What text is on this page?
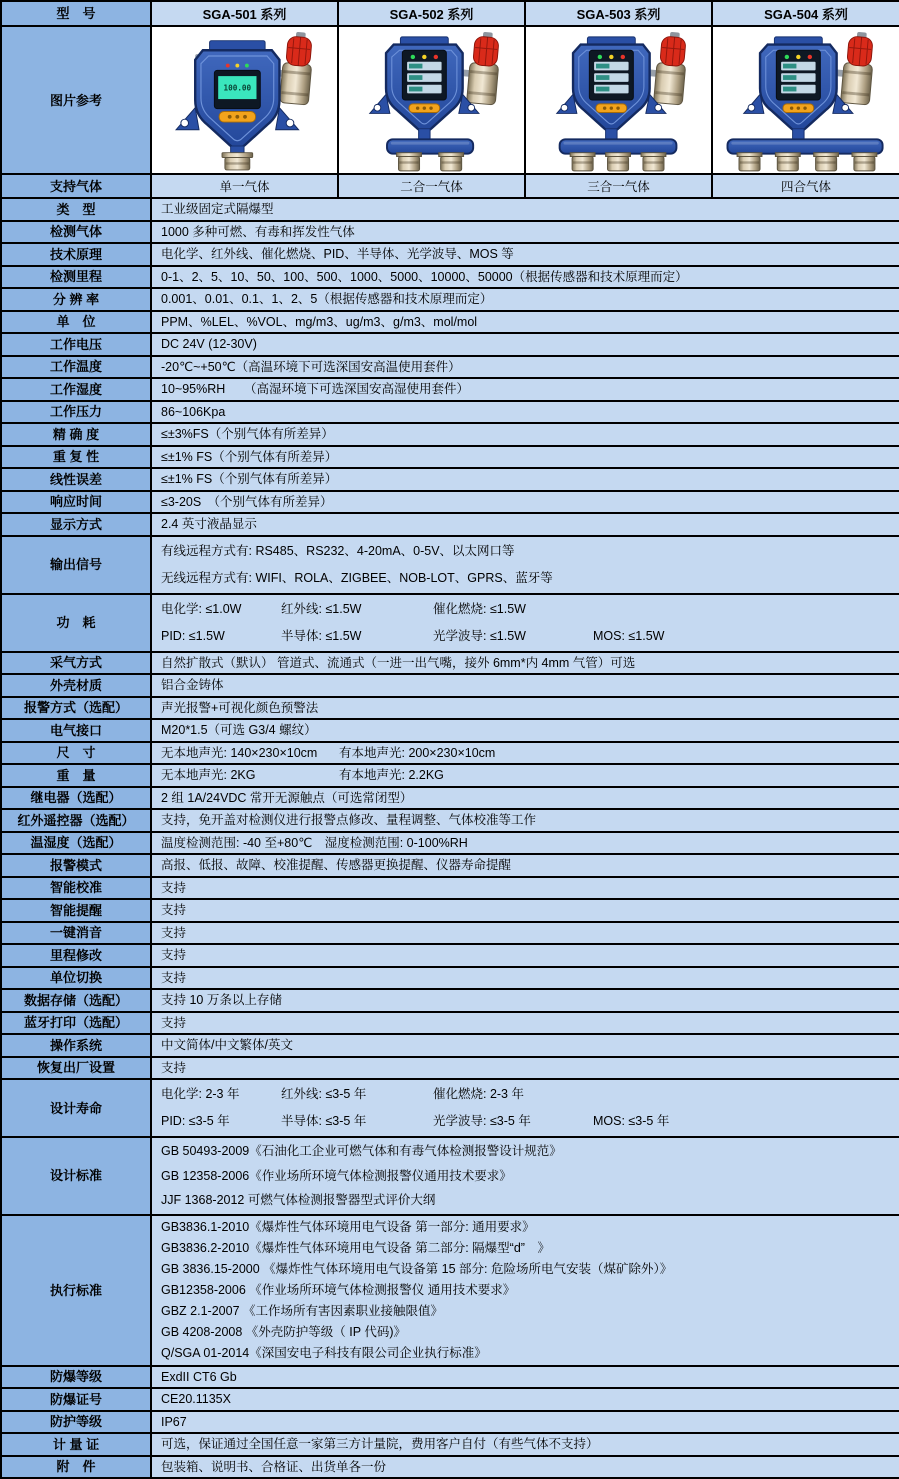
型　号	SGA-501 系列	SGA-502 系列	SGA-503 系列	SGA-504 系列
图片参考	100.00

支持气体	单一气体	二合一气体	三合一气体	四合气体
类　型	工业级固定式隔爆型			

检测气体	1000 多种可燃、有毒和挥发性气体			

技术原理	电化学、红外线、催化燃烧、PID、半导体、光学波导、MOS 等			

检测里程	0-1、2、5、10、50、100、500、1000、5000、10000、50000（根据传感器和技术原理而定）			

分 辨 率	0.001、0.01、0.1、1、2、5（根据传感器和技术原理而定）			

单　位	PPM、%LEL、%VOL、mg/m3、ug/m3、g/m3、mol/mol			

工作电压	DC 24V (12-30V)			

工作温度	-20℃~+50℃（高温环境下可选深国安高温使用套件）			

工作湿度	10~95%RH　　（高湿环境下可选深国安高湿使用套件）			

工作压力	86~106Kpa			

精 确 度	≤±3%FS（个别气体有所差异）			

重 复 性	≤±1% FS（个别气体有所差异）			

线性误差	≤±1% FS（个别气体有所差异）			

响应时间	≤3-20S　（个别气体有所差异）			

显示方式	2.4 英寸液晶显示			

输出信号	有线远程方式有: RS485、RS232、4-20mA、0-5V、以太网口等
无线远程方式有: WIFI、ROLA、ZIGBEE、NOB-LOT、GPRS、蓝牙等			

功　耗	电化学: ≤1.0W 红外线: ≤1.5W 催化燃烧: ≤1.5W
PID: ≤1.5W 半导体: ≤1.5W 光学波导: ≤1.5W MOS: ≤1.5W			

采气方式	自然扩散式（默认） 管道式、流通式（一进一出气嘴，接外 6mm*内 4mm 气管）可选			

外壳材质	铝合金铸体			

报警方式（选配）	声光报警+可视化颜色预警法			

电气接口	M20*1.5（可选 G3/4 螺纹）			

尺　寸	无本地声光: 140×230×10cm 有本地声光: 200×230×10cm			

重　量	无本地声光: 2KG 有本地声光: 2.2KG			

继电器（选配）	2 组 1A/24VDC 常开无源触点（可选常闭型）			

红外遥控器（选配）	支持，免开盖对检测仪进行报警点修改、量程调整、气体校准等工作			

温湿度（选配）	温度检测范围: -40 至+80℃　湿度检测范围: 0-100%RH			

报警模式	高报、低报、故障、校准提醒、传感器更换提醒、仪器寿命提醒			

智能校准	支持			

智能提醒	支持			

一键消音	支持			

里程修改	支持			

单位切换	支持			

数据存储（选配）	支持 10 万条以上存储			

蓝牙打印（选配）	支持			

操作系统	中文简体/中文繁体/英文			

恢复出厂设置	支持			

设计寿命	电化学: 2-3 年 红外线: ≤3-5 年 催化燃烧: 2-3 年
PID: ≤3-5 年 半导体: ≤3-5 年 光学波导: ≤3-5 年 MOS: ≤3-5 年			

设计标准	GB 50493-2009《石油化工企业可燃气体和有毒气体检测报警设计规范》
GB 12358-2006《作业场所环境气体检测报警仪通用技术要求》
JJF 1368-2012 可燃气体检测报警器型式评价大纲			

执行标准	
GB3836.1-2010《爆炸性气体环境用电气设备 第一部分: 通用要求》
GB3836.2-2010《爆炸性气体环境用电气设备 第二部分: 隔爆型“d”　》
GB 3836.15-2000 《爆炸性气体环境用电气设备第 15 部分: 危险场所电气安装（煤矿除外）》
GB12358-2006 《作业场所环境气体检测报警仪 通用技术要求》
GBZ 2.1-2007 《工作场所有害因素职业接触限值》
GB 4208-2008 《外壳防护等级（ IP 代码)》
Q/SGA 01-2014《深国安电子科技有限公司企业执行标准》

防爆等级	ExdII CT6 Gb			

防爆证号	CE20.1135X			

防护等级	IP67			

计 量 证	可选，保证通过全国任意一家第三方计量院，费用客户自付（有些气体不支持）			

附　件	包装箱、说明书、合格证、出货单各一份			
